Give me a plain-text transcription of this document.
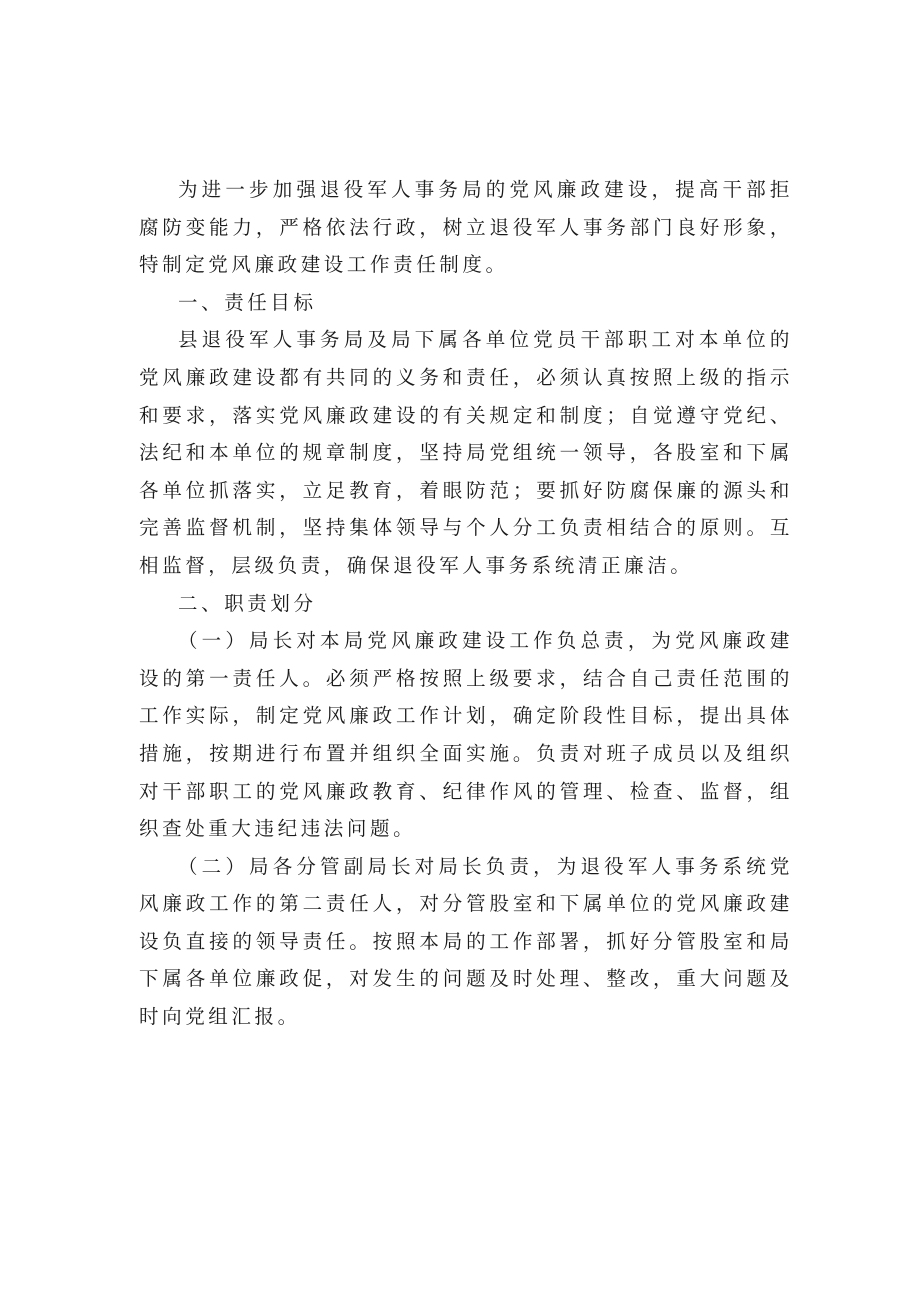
为进一步加强退役军人事务局的党风廉政建设，提高干部拒腐防变能力，严格依法行政，树立退役军人事务部门良好形象，特制定党风廉政建设工作责任制度。

一、责任目标

县退役军人事务局及局下属各单位党员干部职工对本单位的党风廉政建设都有共同的义务和责任，必须认真按照上级的指示和要求，落实党风廉政建设的有关规定和制度；自觉遵守党纪、法纪和本单位的规章制度，坚持局党组统一领导，各股室和下属各单位抓落实，立足教育，着眼防范；要抓好防腐保廉的源头和完善监督机制，坚持集体领导与个人分工负责相结合的原则。互相监督，层级负责，确保退役军人事务系统清正廉洁。

二、职责划分

（一）局长对本局党风廉政建设工作负总责，为党风廉政建设的第一责任人。必须严格按照上级要求，结合自己责任范围的工作实际，制定党风廉政工作计划，确定阶段性目标，提出具体措施，按期进行布置并组织全面实施。负责对班子成员以及组织对干部职工的党风廉政教育、纪律作风的管理、检查、监督，组织查处重大违纪违法问题。

（二）局各分管副局长对局长负责，为退役军人事务系统党风廉政工作的第二责任人，对分管股室和下属单位的党风廉政建设负直接的领导责任。按照本局的工作部署，抓好分管股室和局下属各单位廉政促，对发生的问题及时处理、整改，重大问题及时向党组汇报。
